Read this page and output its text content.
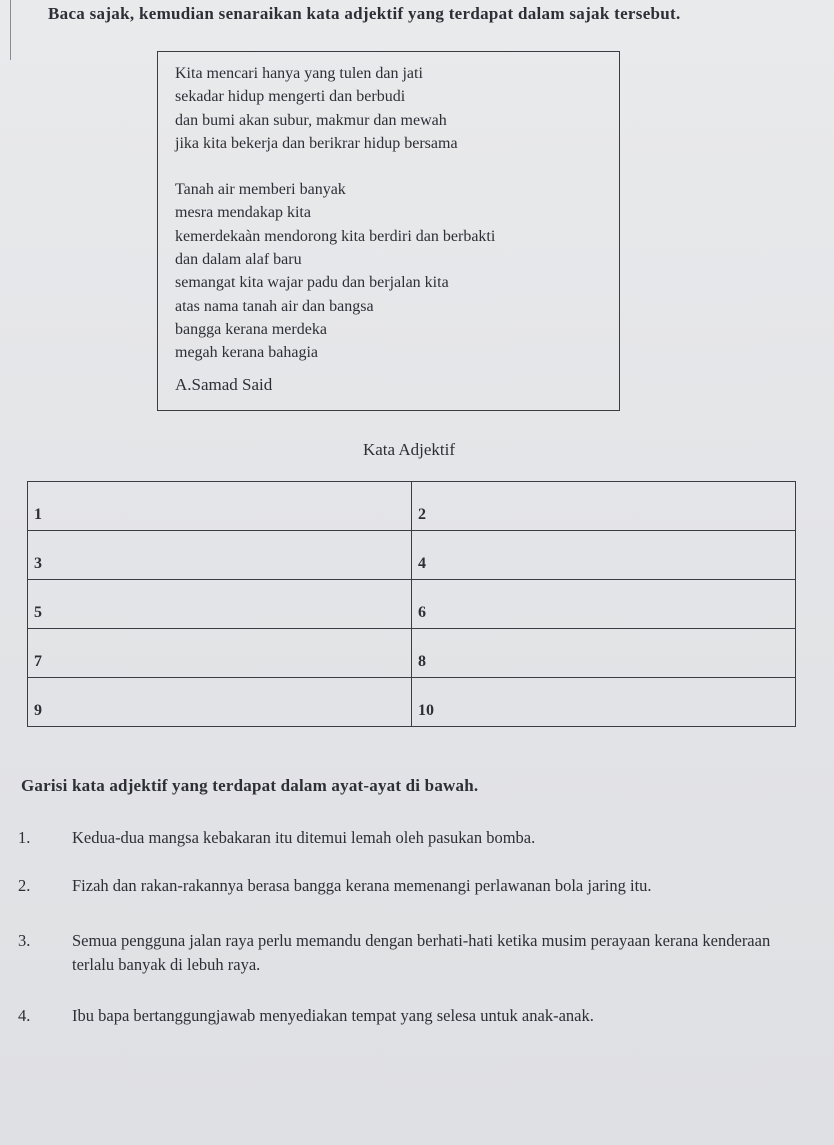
Baca sajak, kemudian senaraikan kata adjektif yang terdapat dalam sajak tersebut.
Kita mencari hanya yang tulen dan jati
sekadar hidup mengerti dan berbudi
dan bumi akan subur, makmur dan mewah
jika kita bekerja dan berikrar hidup bersama
Tanah air memberi banyak
mesra mendakap kita
kemerdekaàn mendorong kita berdiri dan berbakti
dan dalam alaf baru
semangat kita wajar padu dan berjalan kita
atas nama tanah air dan bangsa
bangga kerana merdeka
megah kerana bahagia
A.Samad Said
Kata Adjektif
1	2
3	4
5	6
7	8
9	10
Garisi kata adjektif yang terdapat dalam ayat-ayat di bawah.
1.	Kedua-dua mangsa kebakaran itu ditemui lemah oleh pasukan bomba.
2.	Fizah dan rakan-rakannya berasa bangga kerana memenangi perlawanan bola jaring itu.
3.	Semua pengguna jalan raya perlu memandu dengan berhati-hati ketika musim perayaan kerana kenderaan terlalu banyak di lebuh raya.
4.	Ibu bapa bertanggungjawab menyediakan tempat yang selesa untuk anak-anak.
